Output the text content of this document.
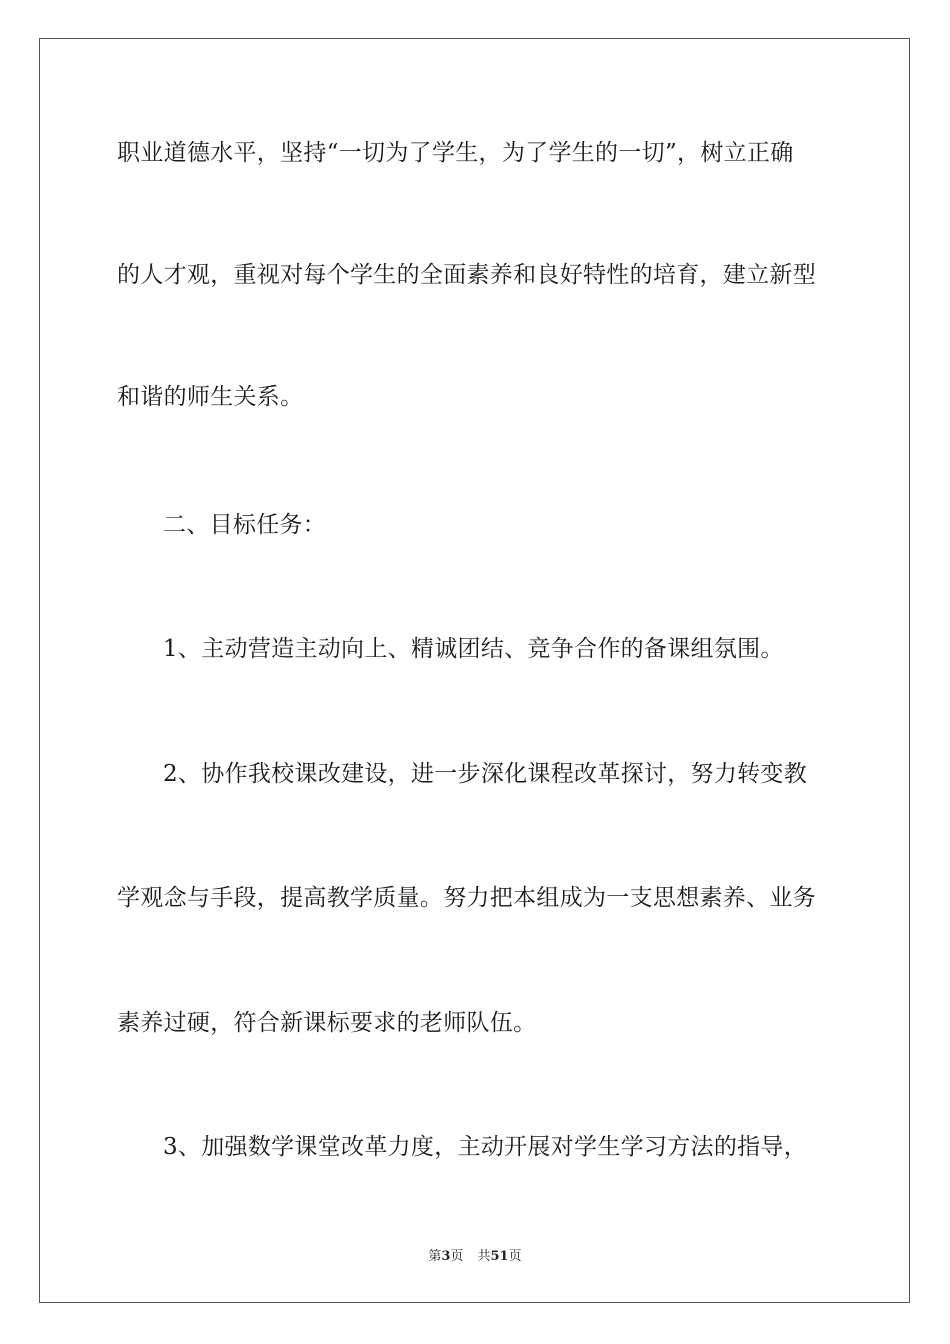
职业道德水平，坚持“一切为了学生，为了学生的一切”，树立正确
的人才观，重视对每个学生的全面素养和良好特性的培育，建立新型
和谐的师生关系。
二、目标任务：
1、主动营造主动向上、精诚团结、竞争合作的备课组氛围。
2、协作我校课改建设，进一步深化课程改革探讨，努力转变教
学观念与手段，提高教学质量。努力把本组成为一支思想素养、业务
素养过硬，符合新课标要求的老师队伍。
3、加强数学课堂改革力度，主动开展对学生学习方法的指导，
第3页 共51页
